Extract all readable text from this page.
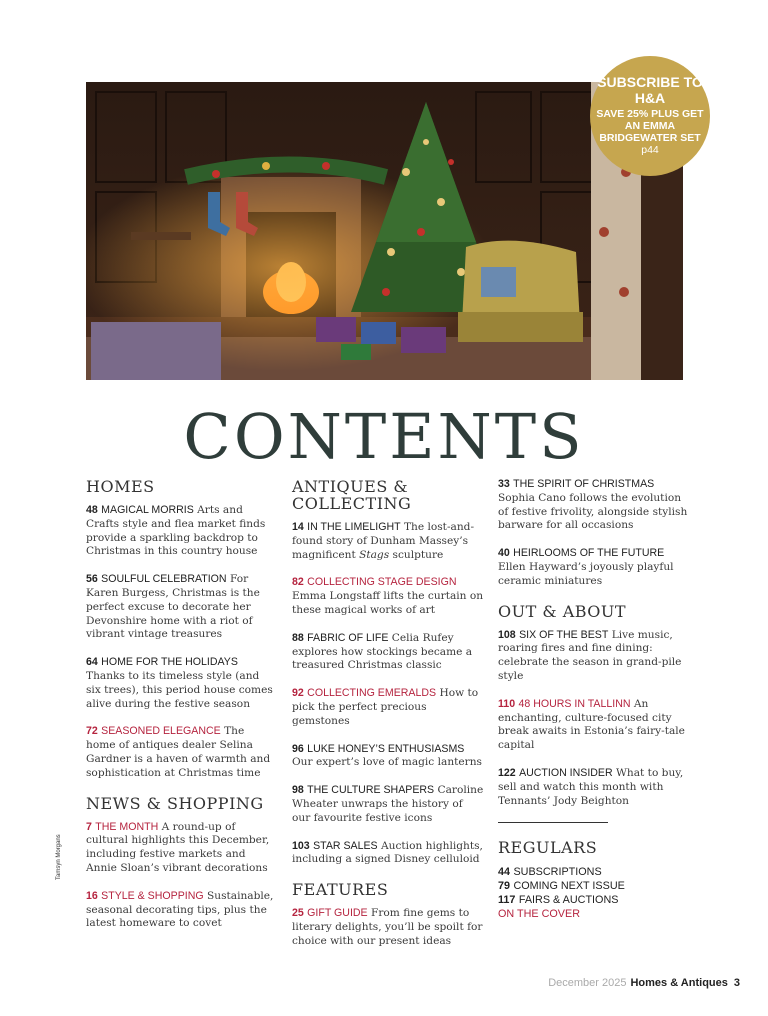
SUBSCRIBE TO H&A
SAVE 25% PLUS GET AN EMMA BRIDGEWATER SET p44
CONTENTS
HOMES
48 MAGICAL MORRIS Arts and Crafts style and flea market finds provide a sparkling backdrop to Christmas in this country house
56 SOULFUL CELEBRATION For Karen Burgess, Christmas is the perfect excuse to decorate her Devonshire home with a riot of vibrant vintage treasures
64 HOME FOR THE HOLIDAYS Thanks to its timeless style (and six trees), this period house comes alive during the festive season
72 SEASONED ELEGANCE The home of antiques dealer Selina Gardner is a haven of warmth and sophistication at Christmas time
NEWS & SHOPPING
7 THE MONTH A round-up of cultural highlights this December, including festive markets and Annie Sloan’s vibrant decorations
16 STYLE & SHOPPING Sustainable, seasonal decorating tips, plus the latest homeware to covet
ANTIQUES & COLLECTING
14 IN THE LIMELIGHT The lost-and-found story of Dunham Massey’s magnificent Stags sculpture
82 COLLECTING STAGE DESIGN Emma Longstaff lifts the curtain on these magical works of art
88 FABRIC OF LIFE Celia Rufey explores how stockings became a treasured Christmas classic
92 COLLECTING EMERALDS How to pick the perfect precious gemstones
96 LUKE HONEY’S ENTHUSIASMS Our expert’s love of magic lanterns
98 THE CULTURE SHAPERS Caroline Wheater unwraps the history of our favourite festive icons
103 STAR SALES Auction highlights, including a signed Disney celluloid
FEATURES
25 GIFT GUIDE From fine gems to literary delights, you’ll be spoilt for choice with our present ideas
33 THE SPIRIT OF CHRISTMAS Sophia Cano follows the evolution of festive frivolity, alongside stylish barware for all occasions
40 HEIRLOOMS OF THE FUTURE Ellen Hayward’s joyously playful ceramic miniatures
OUT & ABOUT
108 SIX OF THE BEST Live music, roaring fires and fine dining: celebrate the season in grand-pile style
110 48 HOURS IN TALLINN An enchanting, culture-focused city break awaits in Estonia’s fairy-tale capital
122 AUCTION INSIDER What to buy, sell and watch this month with Tennants’ Jody Beighton
REGULARS
44 SUBSCRIPTIONS
79 COMING NEXT ISSUE
117 FAIRS & AUCTIONS
ON THE COVER
Tamsyn Morgans
December 2025 Homes & Antiques 3
